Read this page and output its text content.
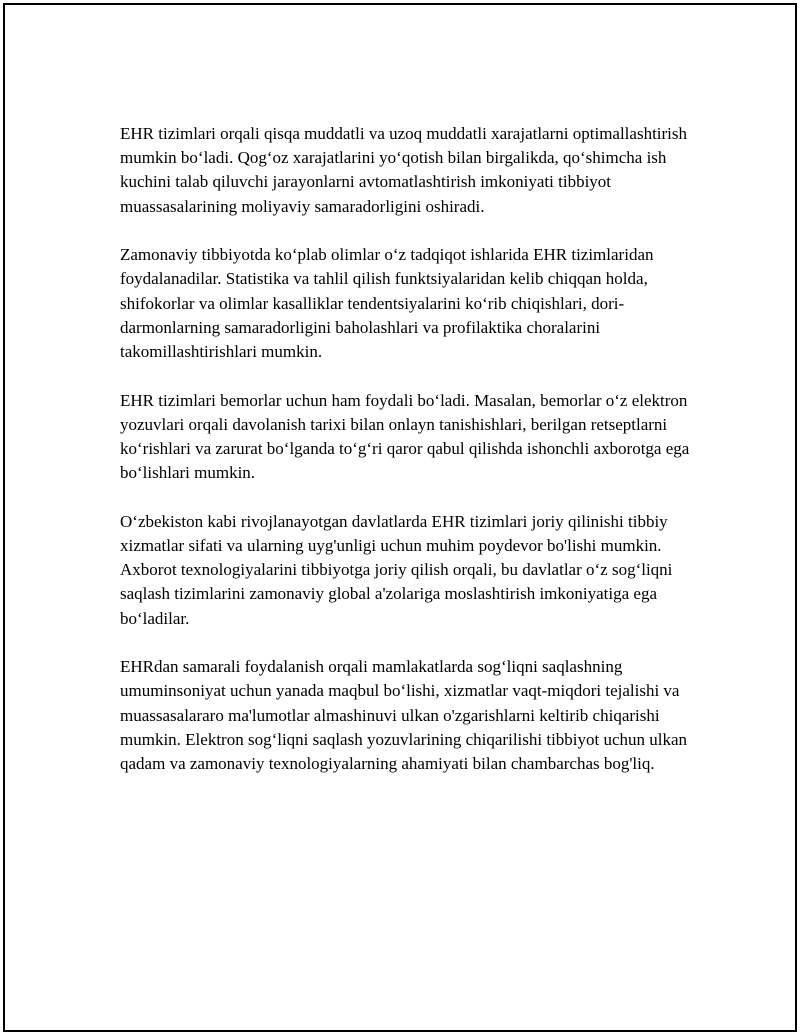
EHR tizimlari orqali qisqa muddatli va uzoq muddatli xarajatlarni optimallashtirish mumkin bo‘ladi. Qog‘oz xarajatlarini yo‘qotish bilan birgalikda, qo‘shimcha ish kuchini talab qiluvchi jarayonlarni avtomatlashtirish imkoniyati tibbiyot muassasalarining moliyaviy samaradorligini oshiradi.

Zamonaviy tibbiyotda ko‘plab olimlar o‘z tadqiqot ishlarida EHR tizimlaridan foydalanadilar. Statistika va tahlil qilish funktsiyalaridan kelib chiqqan holda, shifokorlar va olimlar kasalliklar tendentsiyalarini ko‘rib chiqishlari, dori-darmonlarning samaradorligini baholashlari va profilaktika choralarini takomillashtirishlari mumkin.

EHR tizimlari bemorlar uchun ham foydali bo‘ladi. Masalan, bemorlar o‘z elektron yozuvlari orqali davolanish tarixi bilan onlayn tanishishlari, berilgan retseptlarni ko‘rishlari va zarurat bo‘lganda to‘g‘ri qaror qabul qilishda ishonchli axborotga ega bo‘lishlari mumkin.

O‘zbekiston kabi rivojlanayotgan davlatlarda EHR tizimlari joriy qilinishi tibbiy xizmatlar sifati va ularning uyg'unligi uchun muhim poydevor bo'lishi mumkin. Axborot texnologiyalarini tibbiyotga joriy qilish orqali, bu davlatlar o‘z sog‘liqni saqlash tizimlarini zamonaviy global a'zolariga moslashtirish imkoniyatiga ega bo‘ladilar.

EHRdan samarali foydalanish orqali mamlakatlarda sog‘liqni saqlashning umuminsoniyat uchun yanada maqbul bo‘lishi, xizmatlar vaqt-miqdori tejalishi va muassasalararo ma'lumotlar almashinuvi ulkan o'zgarishlarni keltirib chiqarishi mumkin. Elektron sog‘liqni saqlash yozuvlarining chiqarilishi tibbiyot uchun ulkan qadam va zamonaviy texnologiyalarning ahamiyati bilan chambarchas bog'liq.
